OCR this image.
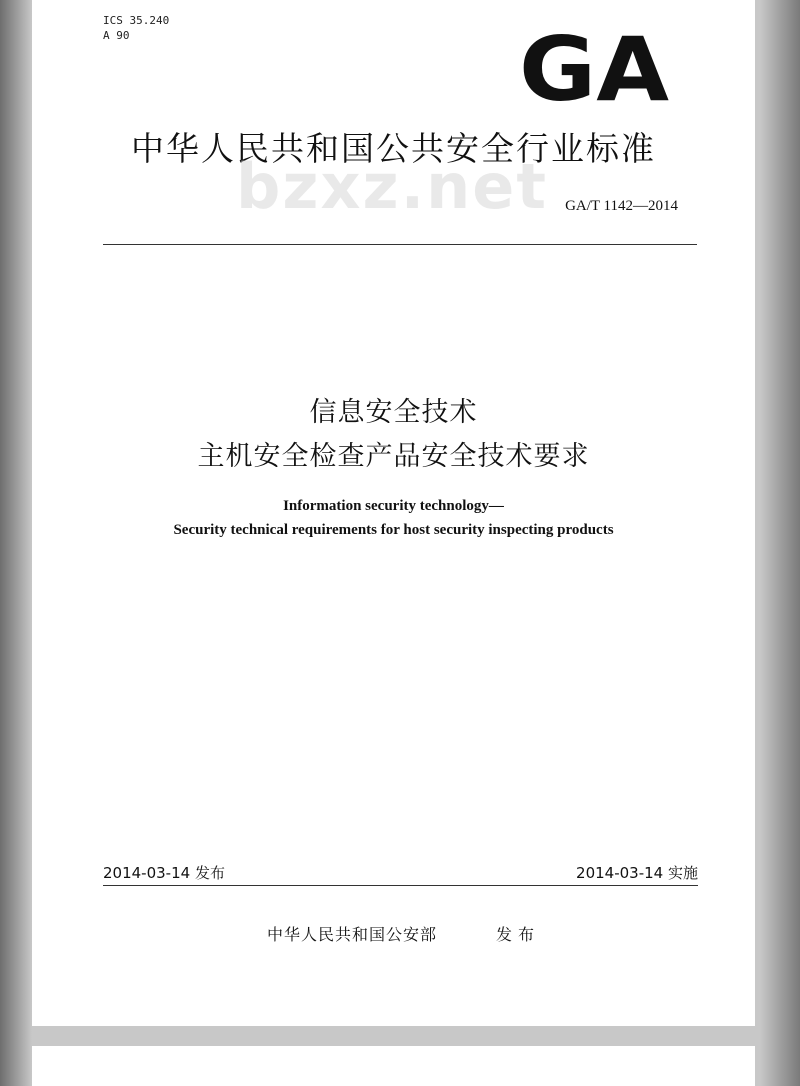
ICS 35.240
A 90	GA
中华人民共和国公共安全行业标准
bzxz.net	GA/T 1142—2014
信息安全技术
主机安全检查产品安全技术要求
Information security technology—
Security technical requirements for host security inspecting products
2014-03-14 发布	2014-03-14 实施
中华人民共和国公安部	发布
